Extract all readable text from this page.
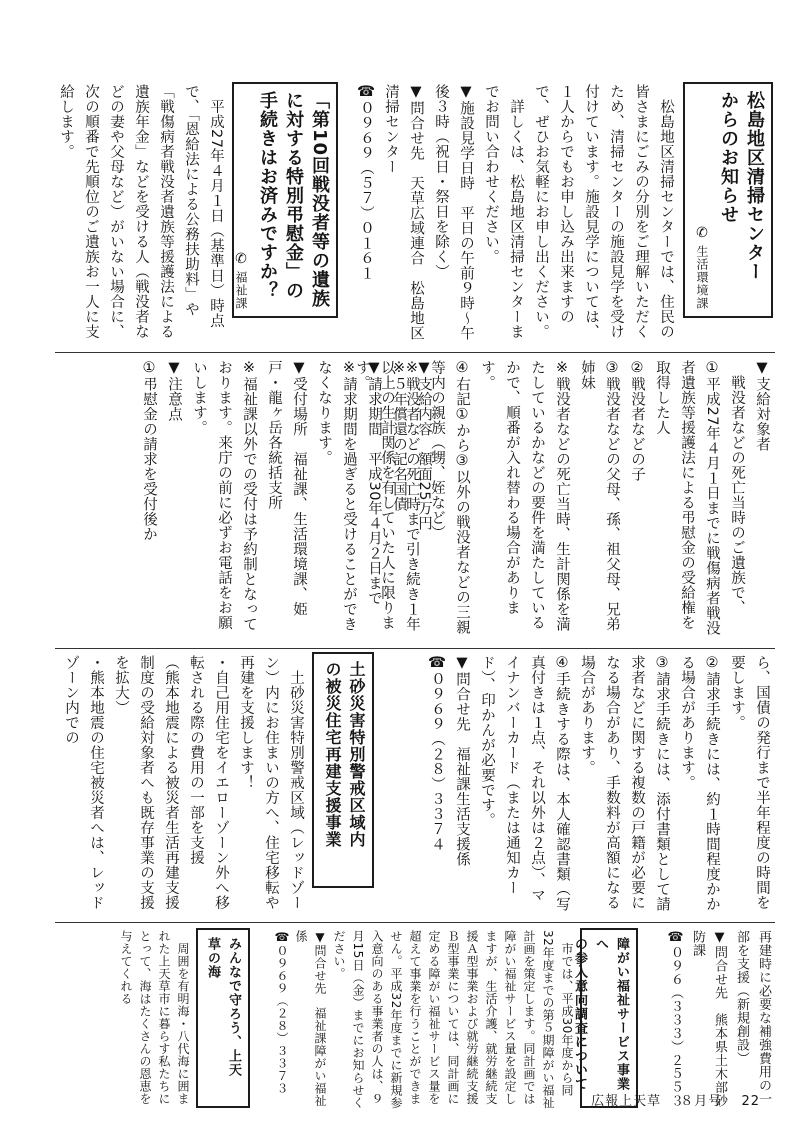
松島地区清掃センター
からのお知らせ
✆
生活環境課
　松島地区清掃センターでは、住民の皆さまにごみの分別をご理解いただくため、清掃センターの施設見学を受け付けています。施設見学については、１人からでもお申し込み出来ますので、ぜひお気軽にお申し出ください。
　詳しくは、松島地区清掃センターまでお問い合わせください。
▼施設見学日時　平日の午前９時～午後３時（祝日・祭日を除く）
▼問合せ先　天草広域連合　松島地区清掃センター
☎０９６９（５７）０１６１
「第10回戦没者等の遺族
に対する特別弔慰金」の
手続きはお済みですか？
✆
福祉課
　平成27年４月１日（基準日）時点で、「恩給法による公務扶助料」や「戦傷病者戦没者遺族等援護法による遺族年金」などを受ける人（戦没者などの妻や父母など）がいない場合に、次の順番で先順位のご遺族お一人に支給します。
▼支給対象者
　戦没者などの死亡当時のご遺族で、
①平成27年４月１日までに戦傷病者戦没者遺族等援護法による弔慰金の受給権を取得した人
②戦没者などの子
③戦没者などの父母、孫、祖父母、兄弟姉妹
※戦没者などの死亡当時、生計関係を満たしているかなどの要件を満たしているかで、順番が入れ替わる場合があります。
④右記①から③以外の戦没者などの三親等内の親族（甥、姪など）
※戦没者などの死亡時まで引き続き１年以上の生計関係を有していた人に限ります。	▼支給内容　額面25万円
※５年償還の記名国債
▼請求期間　平成30年４月２日まで
※請求期間を過ぎると受けることができなくなります。
▼受付場所　福祉課、生活環境課、姫戸・龍ヶ岳各統括支所
※福祉課以外での受付は予約制となっております。来庁の前に必ずお電話をお願いします。
▼注意点
①弔慰金の請求を受付後か
ら、国債の発行まで半年程度の時間を要します。
②請求手続きには、約１時間程度かかる場合があります。
③請求手続きには、添付書類として請求者などに関する複数の戸籍が必要になる場合があり、手数料が高額になる場合があります。
④手続きする際は、本人確認書類（写真付きは１点、それ以外は２点）、マイナンバーカード（または通知カード）、印かんが必要です。
▼問合せ先　福祉課生活支援係
☎０９６９（２８）３３７４
土砂災害特別警戒区域内
の被災住宅再建支援事業
　土砂災害特別警戒区域（レッドゾーン）内にお住まいの方へ、住宅移転や再建を支援します！
・自己用住宅をイエローゾーン外へ移転される際の費用の一部を支援
（熊本地震による被災者生活再建支援制度の受給対象者へも既存事業の支援を拡大）
・熊本地震の住宅被災者へは、レッドゾーン内での
再建時に必要な補強費用の一部を支援（新規創設）
▼問合せ先　熊本県土木部砂防課
☎０９６（３３３）２５５３
障がい福祉サービス事業へ
の参入意向調査について
　市では、平成30年度から同32年度までの第５期障がい福祉計画を策定します。同計画では障がい福祉サービス量を設定しますが、生活介護、就労継続支援Ａ型事業および就労継続支援Ｂ型事業については、同計画に定める障がい福祉サービス量を超えて事業を行うことができません。平成32年度までに新規参入意向のある事業者の人は、９月15日（金）までにお知らせください。
▼問合せ先　福祉課障がい福祉係
☎０９６９（２８）３３７３
みんなで守ろう、上天
草の海
　周囲を有明海・八代海に囲まれた上天草市に暮らす私たちにとって、海はたくさんの恩恵を与えてくれる
広報上天草 ８月号 22
